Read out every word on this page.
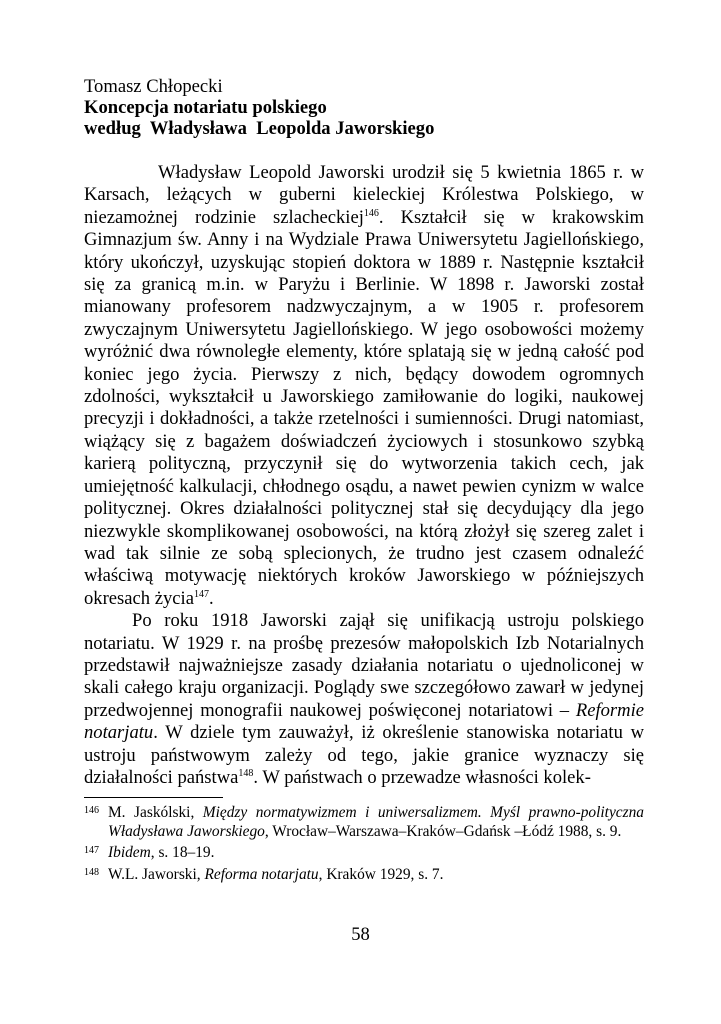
Tomasz Chłopecki

Koncepcja notariatu polskiego

według  Władysława  Leopolda Jaworskiego

Władysław Leopold Jaworski urodził się 5 kwietnia 1865 r. w Karsach, leżących w guberni kieleckiej Królestwa Polskiego, w niezamożnej rodzinie szlacheckiej$^{146}$. Kształcił się w krakowskim Gimnazjum św. Anny i na Wydziale Prawa Uniwersytetu Jagiellońskiego, który ukończył, uzyskując stopień doktora w 1889 r. Następnie kształcił się za granicą m.in. w Paryżu i Berlinie. W 1898 r. Jaworski został mianowany profesorem nadzwyczajnym, a w 1905 r. profesorem zwyczajnym Uniwersytetu Jagiellońskiego. W jego osobowości możemy wyróżnić dwa równoległe elementy, które splatają się w jedną całość pod koniec jego życia. Pierwszy z nich, będący dowodem ogromnych zdolności, wykształcił u Jaworskiego zamiłowanie do logiki, naukowej precyzji i dokładności, a także rzetelności i sumienności. Drugi natomiast, wiążący się z bagażem doświadczeń życiowych i stosunkowo szybką karierą polityczną, przyczynił się do wytworzenia takich cech, jak umiejętność kalkulacji, chłodnego osądu, a nawet pewien cynizm w walce politycznej. Okres działalności politycznej stał się decydujący dla jego niezwykle skomplikowanej osobowości, na którą złożył się szereg zalet i wad tak silnie ze sobą splecionych, że trudno jest czasem odnaleźć właściwą motywację niektórych kroków Jaworskiego w późniejszych okresach życia$^{147}$.

Po roku 1918 Jaworski zajął się unifikacją ustroju polskiego notariatu. W 1929 r. na prośbę prezesów małopolskich Izb Notarialnych przedstawił najważniejsze zasady działania notariatu o ujednoliconej w skali całego kraju organizacji. Poglądy swe szczegółowo zawarł w jedynej przedwojennej monografii naukowej poświęconej notariatowi – Reformie notarjatu. W dziele tym zauważył, iż określenie stanowiska notariatu w ustroju państwowym zależy od tego, jakie granice wyznaczy się działalności państwa$^{148}$. W państwach o przewadze własności kolek-

146 M. Jaskólski, Między normatywizmem i uniwersalizmem. Myśl prawno-polityczna Władysława Jaworskiego, Wrocław–Warszawa–Kraków–Gdańsk –Łódź 1988, s. 9.
147 Ibidem, s. 18–19.
148 W.L. Jaworski, Reforma notarjatu, Kraków 1929, s. 7.
58
